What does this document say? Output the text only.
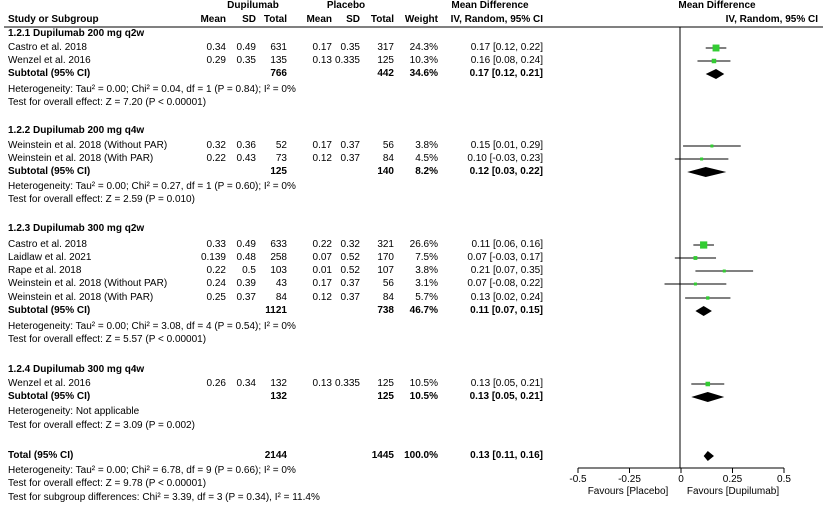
Dupilumab	Placebo	Mean Difference	Mean Difference
Study or Subgroup	Mean SD Total Mean SD Total Weight IV, Random, 95% CI	IV, Random, 95% CI
1.2.1 Dupilumab 200 mg q2w
Castro et al. 2018	0.34 0.49 631	0.17 0.35 317 24.3%	0.17 [0.12, 0.22]
Wenzel et al. 2016	0.29 0.35 135	0.13 0.335 125 10.3%	0.16 [0.08, 0.24]
Subtotal (95% CI)	766	442 34.6%	0.17 [0.12, 0.21]
Heterogeneity: Tau² = 0.00; Chi² = 0.04, df = 1 (P = 0.84); I² = 0%
Test for overall effect: Z = 7.20 (P < 0.00001)
1.2.2 Dupilumab 200 mg q4w
Weinstein et al. 2018 (Without PAR)	0.32 0.36 52	0.17 0.37 56 3.8%	0.15 [0.01, 0.29]
Weinstein et al. 2018 (With PAR)	0.22 0.43 73	0.12 0.37 84 4.5%	0.10 [-0.03, 0.23]
Subtotal (95% CI)	125	140 8.2%	0.12 [0.03, 0.22]
Heterogeneity: Tau² = 0.00; Chi² = 0.27, df = 1 (P = 0.60); I² = 0%
Test for overall effect: Z = 2.59 (P = 0.010)
1.2.3 Dupilumab 300 mg q2w
Castro et al. 2018	0.33 0.49 633	0.22 0.32 321 26.6%	0.11 [0.06, 0.16]
Laidlaw et al. 2021	0.139 0.48 258	0.07 0.52 170 7.5%	0.07 [-0.03, 0.17]
Rape et al. 2018	0.22 0.5 103	0.01 0.52 107 3.8%	0.21 [0.07, 0.35]
Weinstein et al. 2018 (Without PAR)	0.24 0.39 43	0.17 0.37 56 3.1%	0.07 [-0.08, 0.22]
Weinstein et al. 2018 (With PAR)	0.25 0.37 84	0.12 0.37 84 5.7%	0.13 [0.02, 0.24]
Subtotal (95% CI)	1121	738 46.7%	0.11 [0.07, 0.15]
Heterogeneity: Tau² = 0.00; Chi² = 3.08, df = 4 (P = 0.54); I² = 0%
Test for overall effect: Z = 5.57 (P < 0.00001)
1.2.4 Dupilumab 300 mg q4w
Wenzel et al. 2016	0.26 0.34 132	0.13 0.335 125 10.5%	0.13 [0.05, 0.21]
Subtotal (95% CI)	132	125 10.5%	0.13 [0.05, 0.21]
Heterogeneity: Not applicable
Test for overall effect: Z = 3.09 (P = 0.002)
Total (95% CI)	2144	1445 100.0%	0.13 [0.11, 0.16]
Heterogeneity: Tau² = 0.00; Chi² = 6.78, df = 9 (P = 0.66); I² = 0%
Test for overall effect: Z = 9.78 (P < 0.00001)
Test for subgroup differences: Chi² = 3.39, df = 3 (P = 0.34), I² = 11.4%
-0.5	-0.25	0	0.25	0.5
Favours [Placebo]	Favours [Dupilumab]
